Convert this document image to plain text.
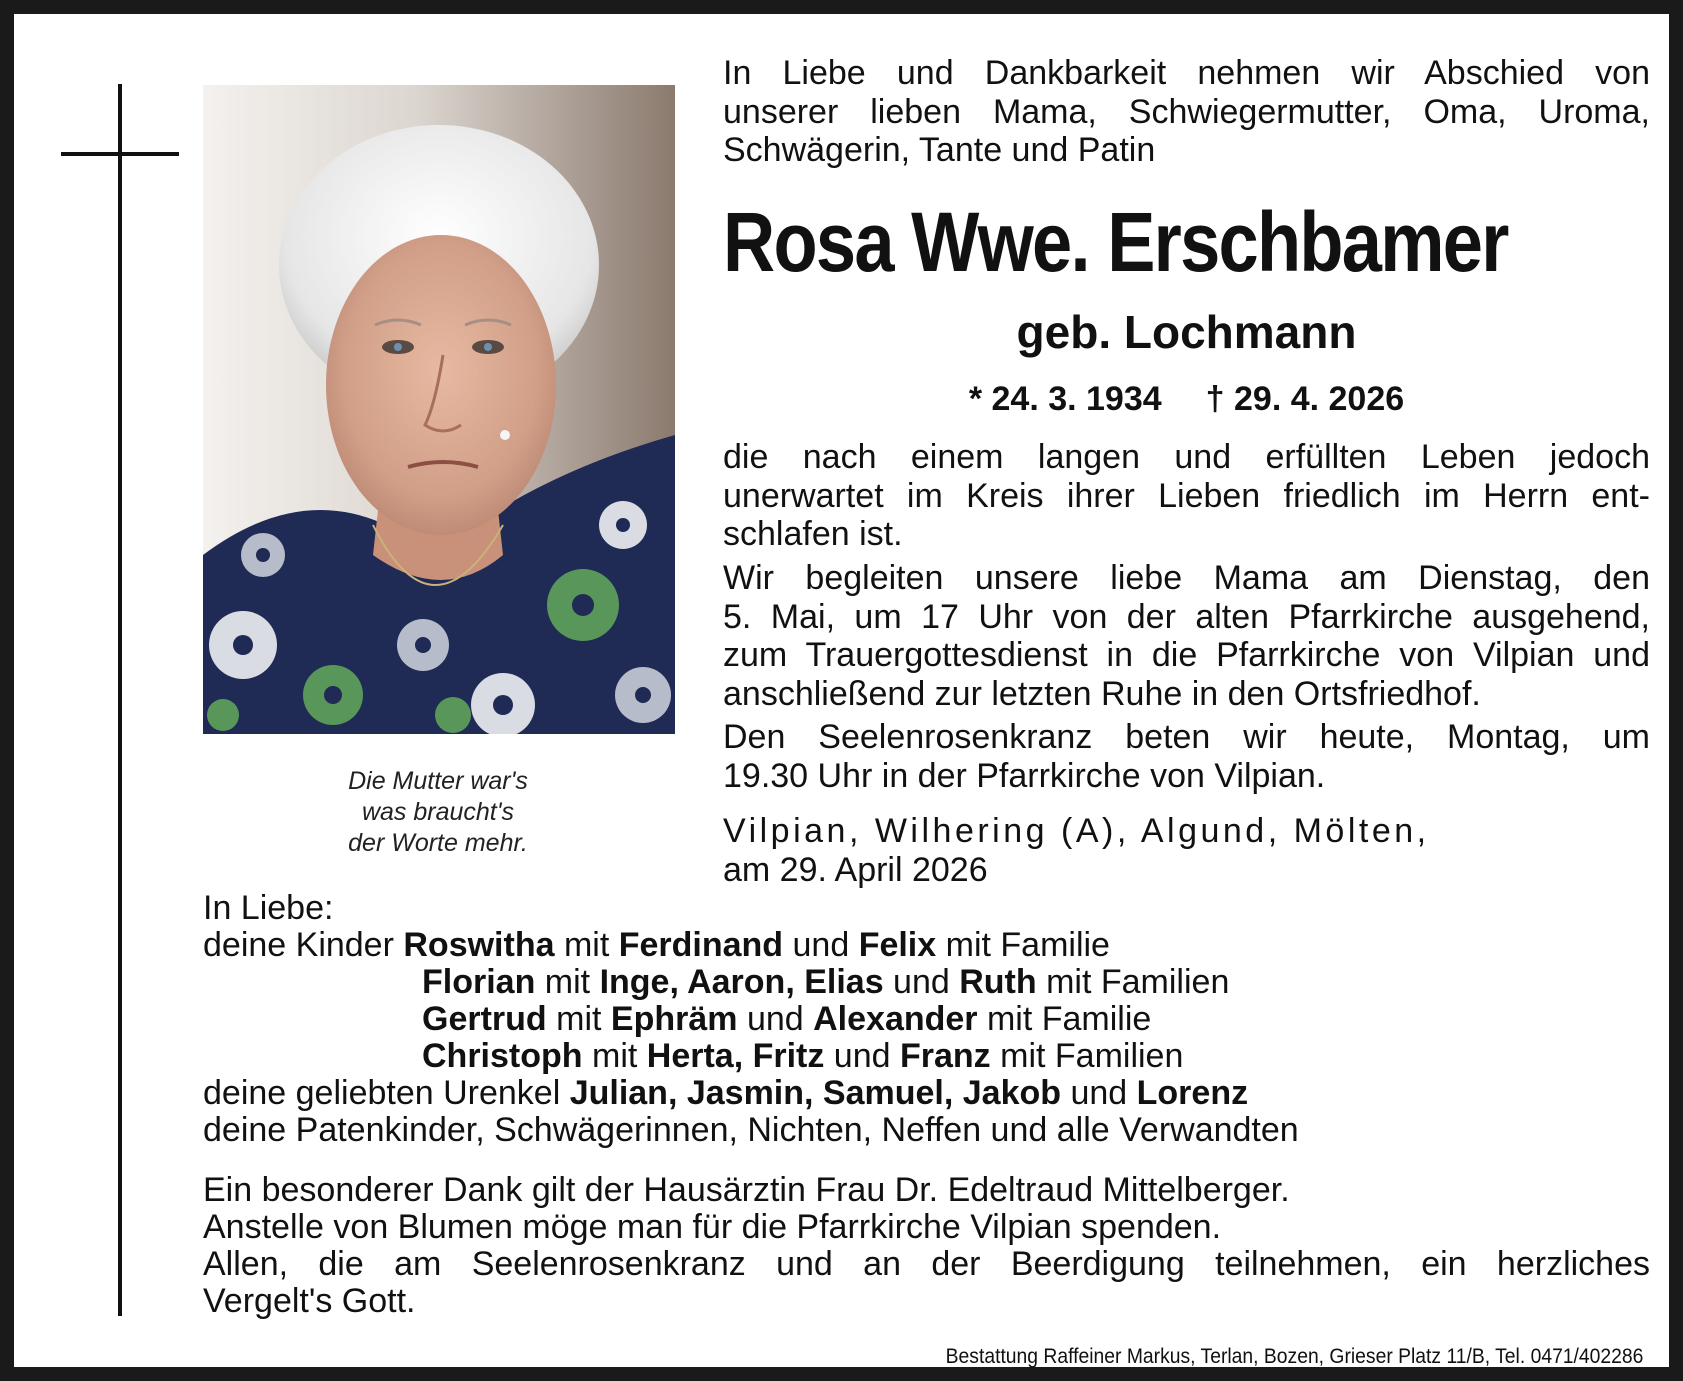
Die Mutter war's
was braucht's
der Worte mehr.
In Liebe und Dankbarkeit nehmen wir Abschied von
unserer lieben Mama, Schwiegermutter, Oma, Uroma,
Schwägerin, Tante und Patin
Rosa Wwe. Erschbamer
geb. Lochmann
* 24. 3. 1934 † 29. 4. 2026
die nach einem langen und erfüllten Leben jedoch
unerwartet im Kreis ihrer Lieben friedlich im Herrn ent-
schlafen ist.
Wir begleiten unsere liebe Mama am Dienstag, den
5. Mai, um 17 Uhr von der alten Pfarrkirche ausgehend,
zum Trauergottesdienst in die Pfarrkirche von Vilpian und
anschließend zur letzten Ruhe in den Ortsfriedhof.
Den Seelenrosenkranz beten wir heute, Montag, um
19.30 Uhr in der Pfarrkirche von Vilpian.
Vilpian, Wilhering (A), Algund, Mölten,
am 29. April 2026
In Liebe:
deine Kinder Roswitha mit Ferdinand und Felix mit Familie
Florian mit Inge, Aaron, Elias und Ruth mit Familien
Gertrud mit Ephräm und Alexander mit Familie
Christoph mit Herta, Fritz und Franz mit Familien
deine geliebten Urenkel Julian, Jasmin, Samuel, Jakob und Lorenz
deine Patenkinder, Schwägerinnen, Nichten, Neffen und alle Verwandten
Ein besonderer Dank gilt der Hausärztin Frau Dr. Edeltraud Mittelberger.
Anstelle von Blumen möge man für die Pfarrkirche Vilpian spenden.
Allen, die am Seelenrosenkranz und an der Beerdigung teilnehmen, ein herzliches
Vergelt's Gott.
Bestattung Raffeiner Markus, Terlan, Bozen, Grieser Platz 11/B, Tel. 0471/402286
